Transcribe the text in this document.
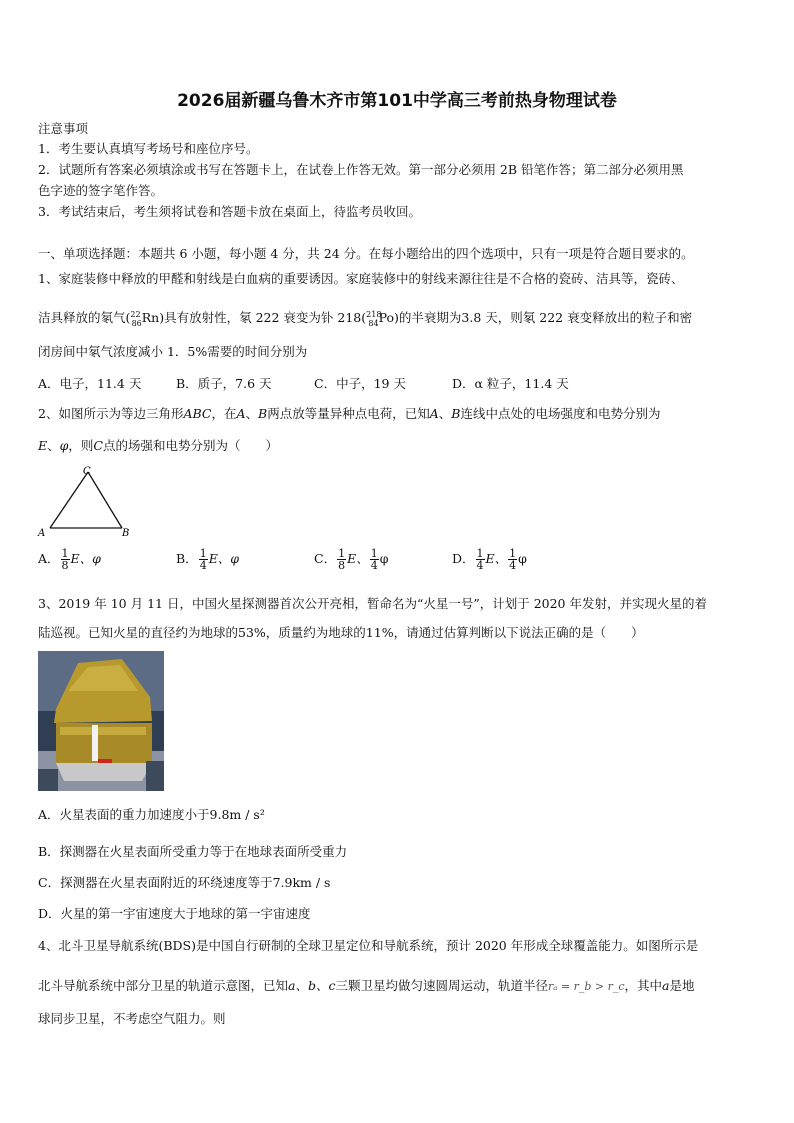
2026届新疆乌鲁木齐市第101中学高三考前热身物理试卷
注意事项
1．考生要认真填写考场号和座位序号。
2．试题所有答案必须填涂或书写在答题卡上，在试卷上作答无效。第一部分必须用 2B 铅笔作答；第二部分必须用黑
色字迹的签字笔作答。
3．考试结束后，考生须将试卷和答题卡放在桌面上，待监考员收回。
一、单项选择题：本题共 6 小题，每小题 4 分，共 24 分。在每小题给出的四个选项中，只有一项是符合题目要求的。
1、家庭装修中释放的甲醛和射线是白血病的重要诱因。家庭装修中的射线来源往往是不合格的瓷砖、洁具等，瓷砖、
洁具释放的氡气($^{22}_{86}$Rn)具有放射性，氡 222 衰变为钋 218($^{218}_{84}$Po)的半衰期为3.8 天，则氡 222 衰变释放出的粒子和密
闭房间中氡气浓度减小 1．5%需要的时间分别为
A．电子，11.4 天	B．质子，7.6 天	C．中子，19 天	D．α 粒子，11.4 天
2、如图所示为等边三角形ABC，在A、B两点放等量异种点电荷，已知A、B连线中点处的电场强度和电势分别为
E、φ，则C点的场强和电势分别为（　　）
C
A	B
A． $\frac{1}{8}$ E、φ	B． $\frac{1}{4}$ E、φ	C． $\frac{1}{8}$ E、 $\frac{1}{4}$ φ	D． $\frac{1}{4}$ E、 $\frac{1}{4}$ φ
3、2019 年 10 月 11 日，中国火星探测器首次公开亮相，暂命名为“火星一号”，计划于 2020 年发射，并实现火星的着
陆巡视。已知火星的直径约为地球的53%，质量约为地球的11%，请通过估算判断以下说法正确的是（　　）
A．火星表面的重力加速度小于9.8m / s²
B．探测器在火星表面所受重力等于在地球表面所受重力
C．探测器在火星表面附近的环绕速度等于7.9km / s
D．火星的第一宇宙速度大于地球的第一宇宙速度
4、北斗卫星导航系统(BDS)是中国自行研制的全球卫星定位和导航系统，预计 2020 年形成全球覆盖能力。如图所示是
北斗导航系统中部分卫星的轨道示意图，已知a、b、c三颗卫星均做匀速圆周运动，轨道半径rₐ = r_b > r_c，其中a是地
球同步卫星，不考虑空气阻力。则
